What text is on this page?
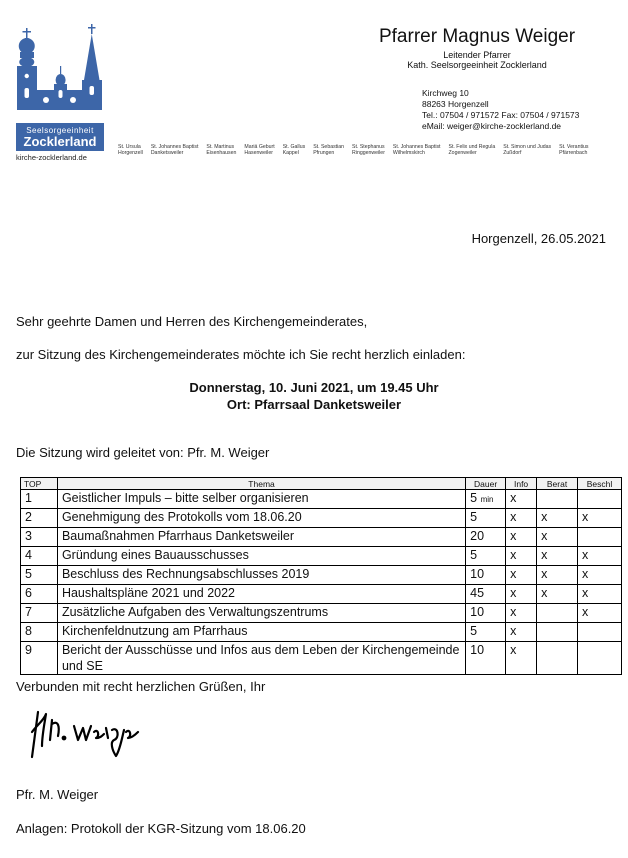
Seelsorgeeinheit
Zocklerland
kirche-zocklerland.de
St. Ursula
Horgenzell
St. Johannes Baptist
Danketsweiler
St. Martinus
Eisenhausen
Mariä Geburt
Hasenweiler
St. Gallus
Kappel
St. Sebastian
Pfrungen
St. Stephanus
Ringgenweiler
St. Johannes Baptist
Wilhelmskirch
St. Felix und Regula
Zogenweiler
St. Simon und Judas
Zußdorf
St. Verantius
Pfärrenbach
Pfarrer Magnus Weiger
Leitender Pfarrer
Kath. Seelsorgeeinheit Zocklerland
Kirchweg 10
88263 Horgenzell
Tel.: 07504 / 971572 Fax: 07504 / 971573
eMail: weiger@kirche-zocklerland.de
Horgenzell, 26.05.2021
Sehr geehrte Damen und Herren des Kirchengemeinderates,
zur Sitzung des Kirchengemeinderates möchte ich Sie recht herzlich einladen:
Donnerstag, 10. Juni 2021, um 19.45 Uhr
Ort: Pfarrsaal Danketsweiler
Die Sitzung wird geleitet von: Pfr. M. Weiger
TOP	Thema	Dauer	Info	Berat	Beschl
1	Geistlicher Impuls – bitte selber organisieren	5 min	x		
2	Genehmigung des Protokolls vom 18.06.20	5	x	x	x
3	Baumaßnahmen Pfarrhaus Danketsweiler	20	x	x	
4	Gründung eines Bauausschusses	5	x	x	x
5	Beschluss des Rechnungsabschlusses 2019	10	x	x	x
6	Haushaltspläne 2021 und 2022	45	x	x	x
7	Zusätzliche Aufgaben des Verwaltungszentrums	10	x		x
8	Kirchenfeldnutzung am Pfarrhaus	5	x		
9	Bericht der Ausschüsse und Infos aus dem Leben der Kirchengemeinde und SE	10	x		
Verbunden mit recht herzlichen Grüßen, Ihr
Pfr. M. Weiger
Anlagen: Protokoll der KGR-Sitzung vom 18.06.20
